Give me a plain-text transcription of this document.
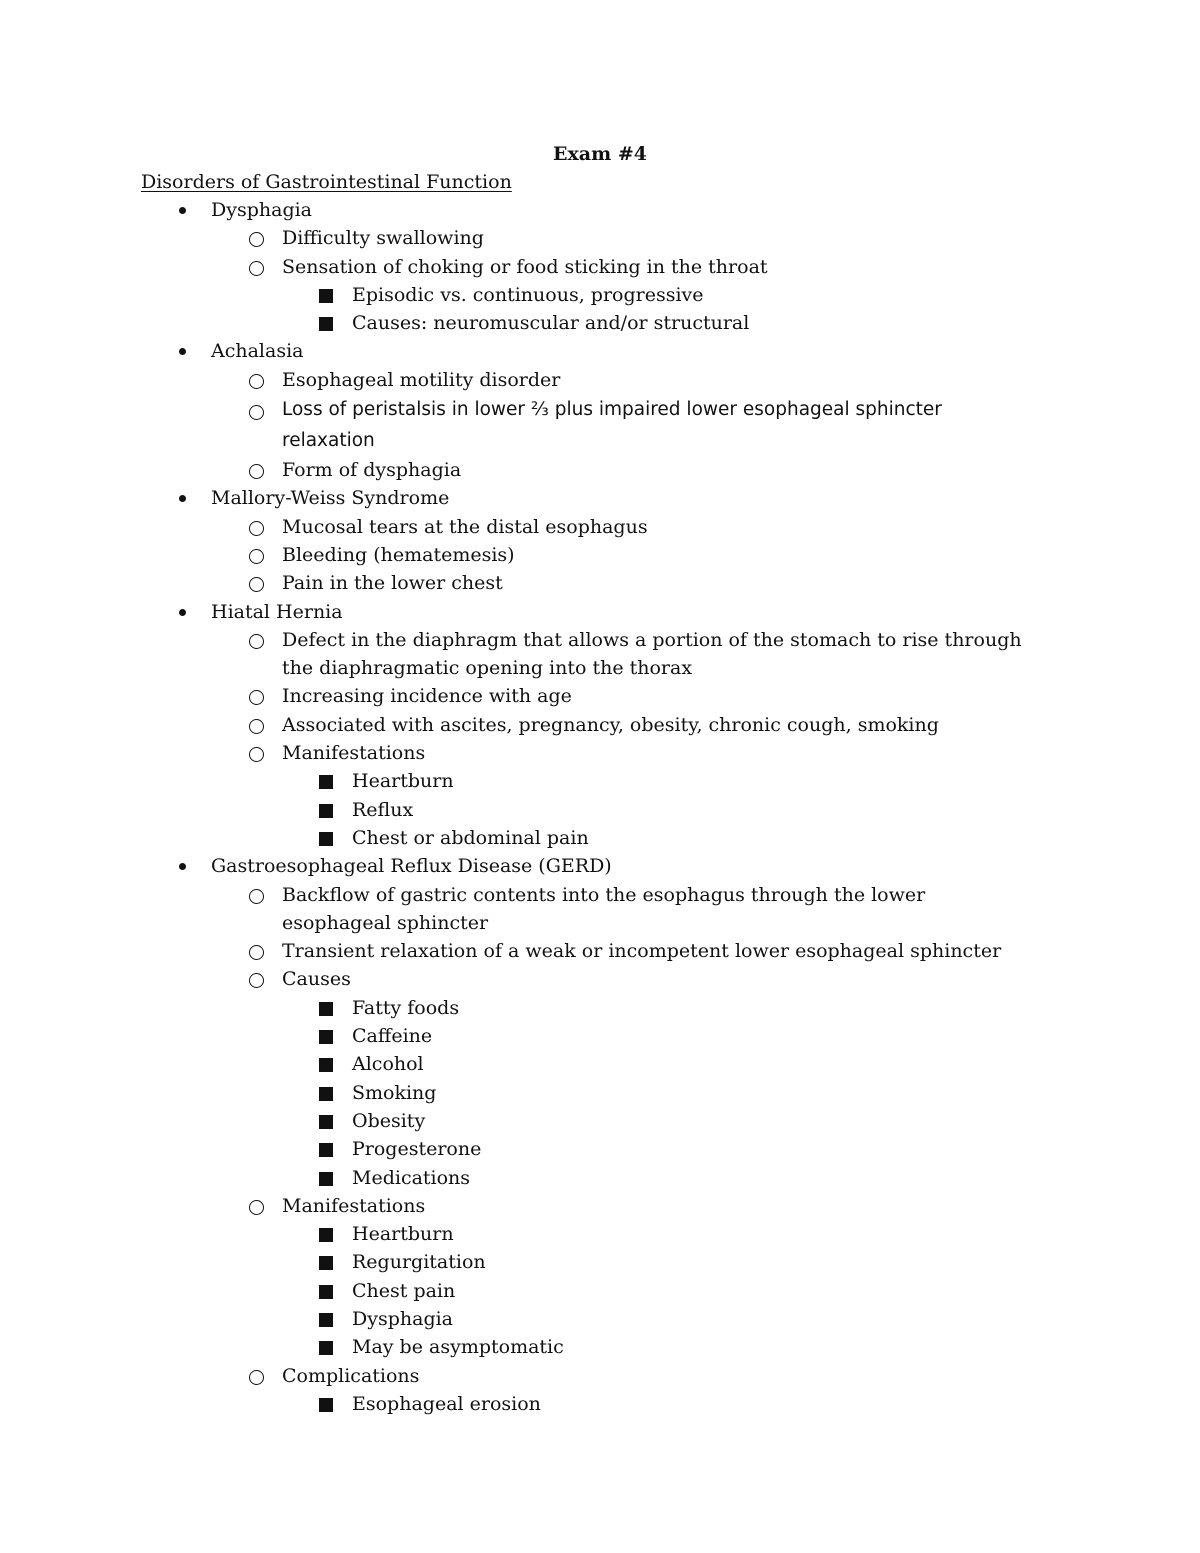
Exam #4
Disorders of Gastrointestinal Function
Dysphagia
Difficulty swallowing
Sensation of choking or food sticking in the throat
Episodic vs. continuous, progressive
Causes: neuromuscular and/or structural
Achalasia
Esophageal motility disorder
Loss of peristalsis in lower ⅔ plus impaired lower esophageal sphincter relaxation
Form of dysphagia
Mallory-Weiss Syndrome
Mucosal tears at the distal esophagus
Bleeding (hematemesis)
Pain in the lower chest
Hiatal Hernia
Defect in the diaphragm that allows a portion of the stomach to rise through the diaphragmatic opening into the thorax
Increasing incidence with age
Associated with ascites, pregnancy, obesity, chronic cough, smoking
Manifestations
Heartburn
Reflux
Chest or abdominal pain
Gastroesophageal Reflux Disease (GERD)
Backflow of gastric contents into the esophagus through the lower esophageal sphincter
Transient relaxation of a weak or incompetent lower esophageal sphincter
Causes
Fatty foods
Caffeine
Alcohol
Smoking
Obesity
Progesterone
Medications
Manifestations
Heartburn
Regurgitation
Chest pain
Dysphagia
May be asymptomatic
Complications
Esophageal erosion
